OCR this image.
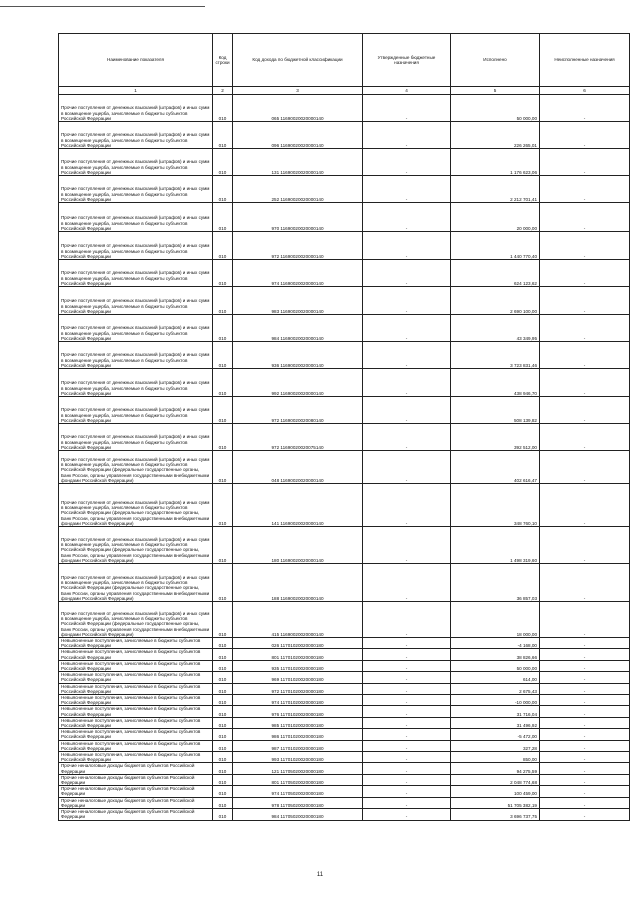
Наименование показателя	Код строки	Код дохода по бюджетной классификации	Утвержденные бюджетные назначения	Исполнено	Неисполненные назначения
1	2	3	4	5	6
Прочие поступления от денежных взысканий (штрафов) и иных сумм в возмещение ущерба, зачисляемые в бюджеты субъектов Российской Федерации	010	065 11690020020000140	-	50 000,00	-
Прочие поступления от денежных взысканий (штрафов) и иных сумм в возмещение ущерба, зачисляемые в бюджеты субъектов Российской Федерации	010	096 11690020020000140	-	226 265,01	-
Прочие поступления от денежных взысканий (штрафов) и иных сумм в возмещение ущерба, зачисляемые в бюджеты субъектов Российской Федерации	010	131 11690020020000140	-	1 176 623,06	-
Прочие поступления от денежных взысканий (штрафов) и иных сумм в возмещение ущерба, зачисляемые в бюджеты субъектов Российской Федерации	010	252 11690020020000140	-	2 212 701,41	-
Прочие поступления от денежных взысканий (штрафов) и иных сумм в возмещение ущерба, зачисляемые в бюджеты субъектов Российской Федерации	010	970 11690020020000140	-	20 000,00	-
Прочие поступления от денежных взысканий (штрафов) и иных сумм в возмещение ущерба, зачисляемые в бюджеты субъектов Российской Федерации	010	972 11690020020000140	-	1 440 770,40	-
Прочие поступления от денежных взысканий (штрафов) и иных сумм в возмещение ущерба, зачисляемые в бюджеты субъектов Российской Федерации	010	974 11690020020000140	-	624 123,62	-
Прочие поступления от денежных взысканий (штрафов) и иных сумм в возмещение ущерба, зачисляемые в бюджеты субъектов Российской Федерации	010	983 11690020020000140	-	2 690 100,00	-
Прочие поступления от денежных взысканий (штрафов) и иных сумм в возмещение ущерба, зачисляемые в бюджеты субъектов Российской Федерации	010	984 11690020020000140	-	43 349,95	-
Прочие поступления от денежных взысканий (штрафов) и иных сумм в возмещение ущерба, зачисляемые в бюджеты субъектов Российской Федерации	010	936 11690020020000140	-	3 723 831,46	-
Прочие поступления от денежных взысканий (штрафов) и иных сумм в возмещение ущерба, зачисляемые в бюджеты субъектов Российской Федерации	010	992 11690020020000140	-	438 946,70	-
Прочие поступления от денежных взысканий (штрафов) и иных сумм в возмещение ущерба, зачисляемые в бюджеты субъектов Российской Федерации	010	972 11690020020080140	-	508 139,82	-
Прочие поступления от денежных взысканий (штрафов) и иных сумм в возмещение ущерба, зачисляемые в бюджеты субъектов Российской Федерации	010	972 11690020020075140	-	392 512,00	-
Прочие поступления от денежных взысканий (штрафов) и иных сумм в возмещение ущерба, зачисляемые в бюджеты субъектов Российской Федерации (федеральные государственные органы, Банк России, органы управления государственными внебюджетными фондами Российской Федерации)	010	048 11690020020000140	-	402 616,47	-
Прочие поступления от денежных взысканий (штрафов) и иных сумм в возмещение ущерба, зачисляемые в бюджеты субъектов Российской Федерации (федеральные государственные органы, Банк России, органы управления государственными внебюджетными фондами Российской Федерации)	010	141 11690020020000140	-	348 760,10	-
Прочие поступления от денежных взысканий (штрафов) и иных сумм в возмещение ущерба, зачисляемые в бюджеты субъектов Российской Федерации (федеральные государственные органы, Банк России, органы управления государственными внебюджетными фондами Российской Федерации)	010	180 11690020020000140	-	1 498 319,60	-
Прочие поступления от денежных взысканий (штрафов) и иных сумм в возмещение ущерба, зачисляемые в бюджеты субъектов Российской Федерации (федеральные государственные органы, Банк России, органы управления государственными внебюджетными фондами Российской Федерации)	010	188 11690020020000140	-	36 857,03	-
Прочие поступления от денежных взысканий (штрафов) и иных сумм в возмещение ущерба, зачисляемые в бюджеты субъектов Российской Федерации (федеральные государственные органы, Банк России, органы управления государственными внебюджетными фондами Российской Федерации)	010	415 11690020020000140	-	18 000,00	-
Невыясненные поступления, зачисляемые в бюджеты субъектов Российской Федерации	010	026 11701020020000180	-	-4 168,00	-
Невыясненные поступления, зачисляемые в бюджеты субъектов Российской Федерации	010	801 11701020020000180	-	38 826,66	-
Невыясненные поступления, зачисляемые в бюджеты субъектов Российской Федерации	010	935 11701020020000180	-	50 000,00	-
Невыясненные поступления, зачисляемые в бюджеты субъектов Российской Федерации	010	969 11701020020000180	-	614,00	-
Невыясненные поступления, зачисляемые в бюджеты субъектов Российской Федерации	010	972 11701020020000180	-	2 675,43	-
Невыясненные поступления, зачисляемые в бюджеты субъектов Российской Федерации	010	974 11701020020000180	-	-10 000,00	-
Невыясненные поступления, зачисляемые в бюджеты субъектов Российской Федерации	010	976 11701020020000180	-	31 716,04	-
Невыясненные поступления, зачисляемые в бюджеты субъектов Российской Федерации	010	985 11701020020000180	-	31 496,92	-
Невыясненные поступления, зачисляемые в бюджеты субъектов Российской Федерации	010	986 11701020020000180	-	-5 472,00	-
Невыясненные поступления, зачисляемые в бюджеты субъектов Российской Федерации	010	987 11701020020000180	-	327,28	-
Невыясненные поступления, зачисляемые в бюджеты субъектов Российской Федерации	010	993 11701020020000180	-	850,00	-
Прочие неналоговые доходы бюджетов субъектов Российской Федерации	010	121 11705020020000180	-	94 275,59	-
Прочие неналоговые доходы бюджетов субъектов Российской Федерации	010	801 11705020020000180	-	2 048 774,68	-
Прочие неналоговые доходы бюджетов субъектов Российской Федерации	010	974 11705020020000180	-	100 459,00	-
Прочие неналоговые доходы бюджетов субъектов Российской Федерации	010	978 11705020020000180	-	51 705 382,19	-
Прочие неналоговые доходы бюджетов субъектов Российской Федерации	010	984 11705020020000180	-	3 696 737,75	-
11
